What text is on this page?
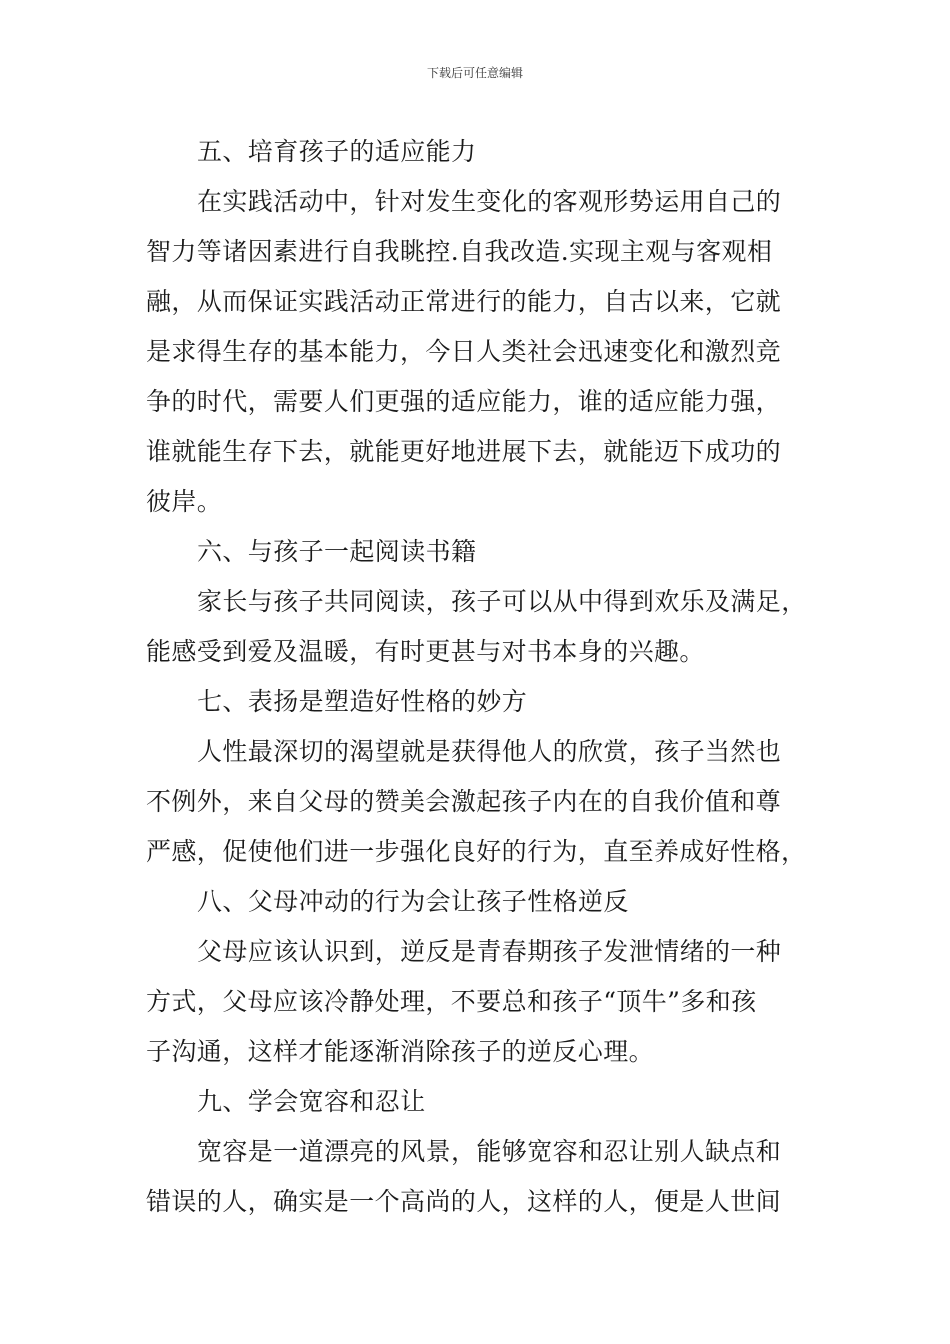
下载后可任意编辑
五、培育孩子的适应能力
在实践活动中，针对发生变化的客观形势运用自己的
智力等诸因素进行自我眺控.自我改造.实现主观与客观相
融，从而保证实践活动正常进行的能力，自古以来，它就
是求得生存的基本能力，今日人类社会迅速变化和激烈竞
争的时代，需要人们更强的适应能力，谁的适应能力强，
谁就能生存下去，就能更好地进展下去，就能迈下成功的
彼岸。
六、与孩子一起阅读书籍
家长与孩子共同阅读，孩子可以从中得到欢乐及满足，
能感受到爱及温暖，有时更甚与对书本身的兴趣。
七、表扬是塑造好性格的妙方
人性最深切的渴望就是获得他人的欣赏，孩子当然也
不例外，来自父母的赞美会激起孩子内在的自我价值和尊
严感，促使他们进一步强化良好的行为，直至养成好性格，
八、父母冲动的行为会让孩子性格逆反
父母应该认识到，逆反是青春期孩子发泄情绪的一种
方式，父母应该冷静处理，不要总和孩子“顶牛”多和孩
子沟通，这样才能逐渐消除孩子的逆反心理。
九、学会宽容和忍让
宽容是一道漂亮的风景，能够宽容和忍让别人缺点和
错误的人，确实是一个高尚的人，这样的人，便是人世间
